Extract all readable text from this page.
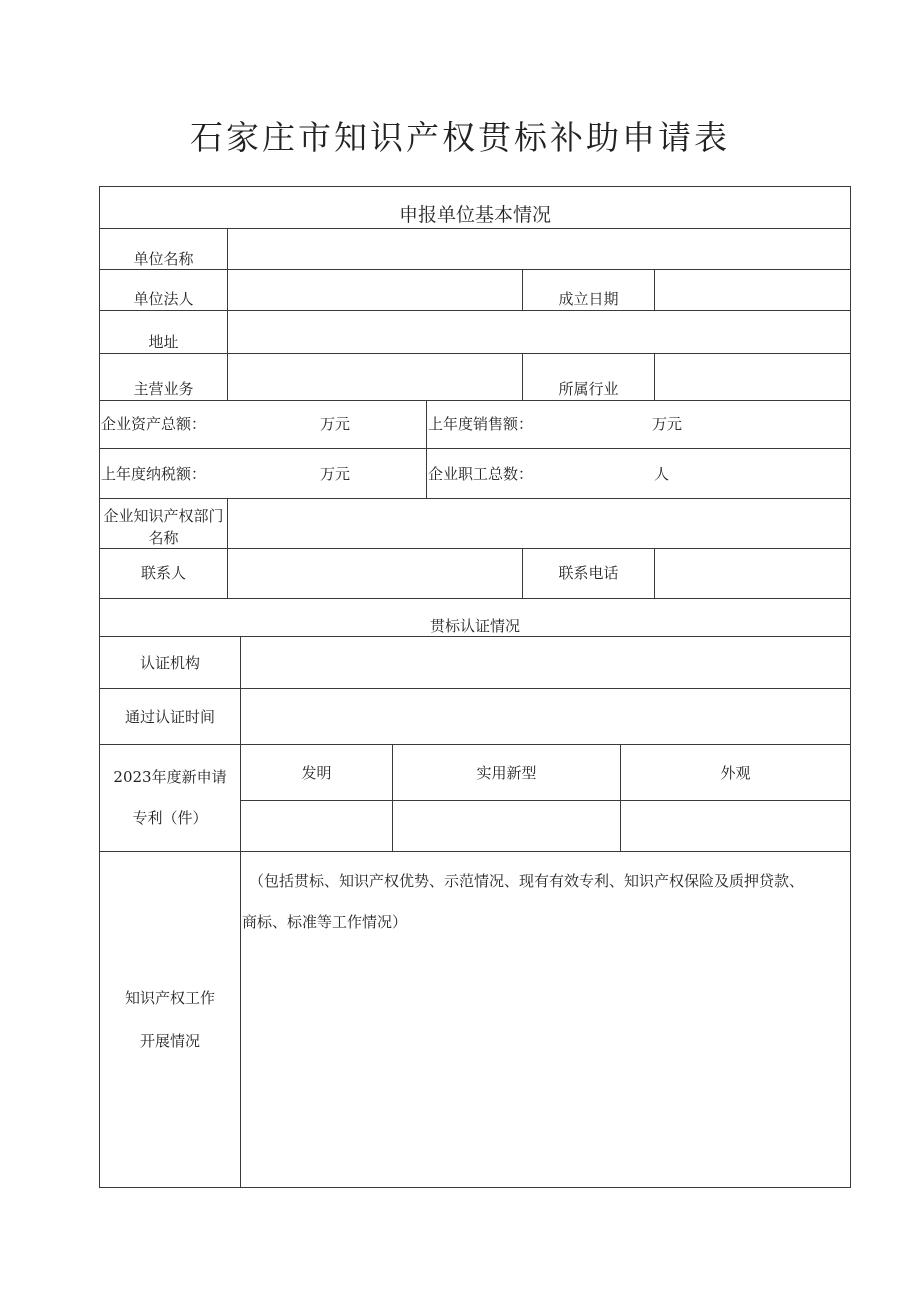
石家庄市知识产权贯标补助申请表
申报单位基本情况
单位名称
单位法人	成立日期
地址
主营业务	所属行业
企业资产总额：	万元	上年度销售额：	万元
上年度纳税额：	万元	企业职工总数：	人
企业知识产权部门
名称
联系人	联系电话
贯标认证情况
认证机构
通过认证时间
2023年度新申请
专利（件）
发明	实用新型	外观
知识产权工作
开展情况
（包括贯标、知识产权优势、示范情况、现有有效专利、知识产权保险及质押贷款、
商标、标准等工作情况）
